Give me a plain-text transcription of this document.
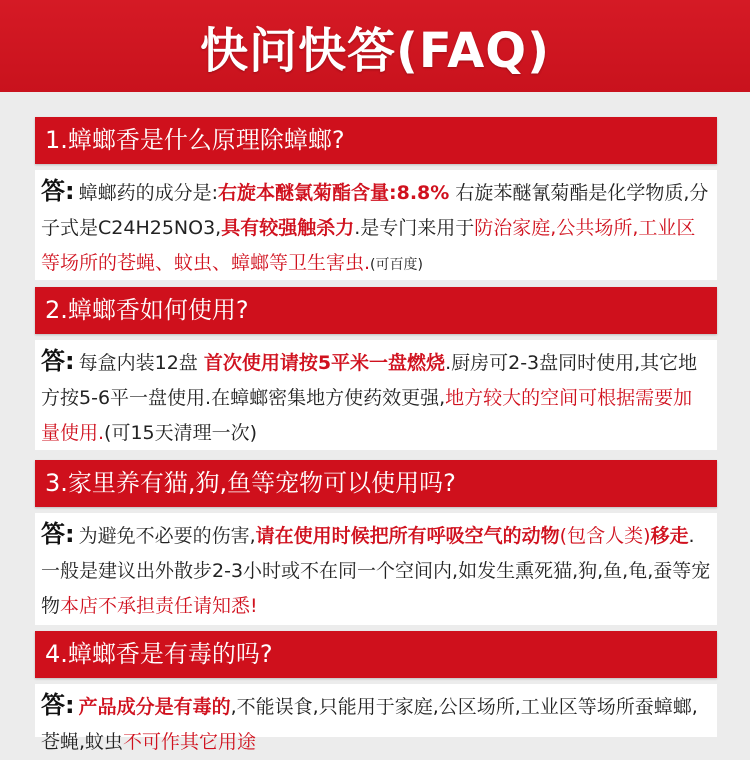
快问快答(FAQ)
1.蟑螂香是什么原理除蟑螂?
答: 蟑螂药的成分是:右旋本醚氯菊酯含量:8.8% 右旋苯醚氰菊酯是化学物质,分子式是C24H25NO3,具有较强触杀力.是专门来用于防治家庭,公共场所,工业区等场所的苍蝇、蚊虫、蟑螂等卫生害虫.(可百度)
2.蟑螂香如何使用?
答: 每盒内装12盘 首次使用请按5平米一盘燃烧.厨房可2-3盘同时使用,其它地方按5-6平一盘使用.在蟑螂密集地方使药效更强,地方较大的空间可根据需要加量使用.(可15天清理一次)
3.家里养有猫,狗,鱼等宠物可以使用吗?
答: 为避免不必要的伤害,请在使用时候把所有呼吸空气的动物(包含人类)移走.一般是建议出外散步2-3小时或不在同一个空间内,如发生熏死猫,狗,鱼,龟,蚕等宠物本店不承担责任请知悉!
4.蟑螂香是有毒的吗?
答: 产品成分是有毒的,不能误食,只能用于家庭,公区场所,工业区等场所蚕蟑螂,苍蝇,蚊虫不可作其它用途
